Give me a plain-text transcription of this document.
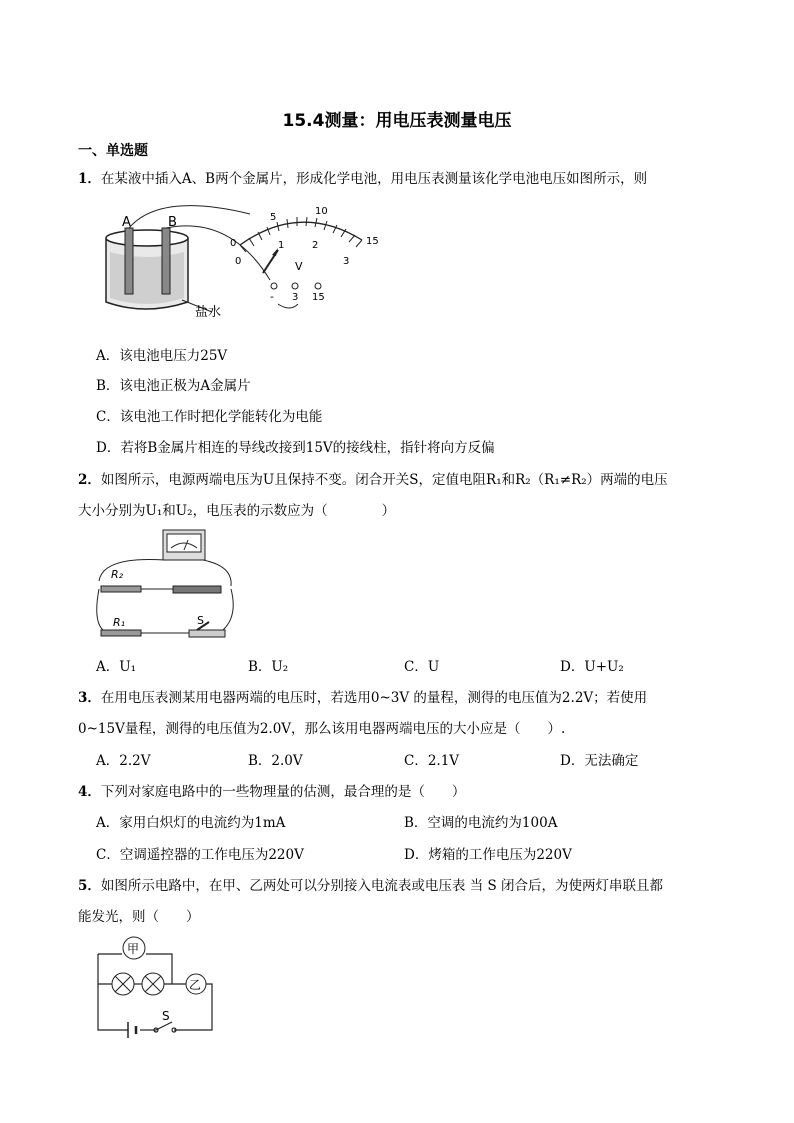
15.4测量：用电压表测量电压
一、单选题
1．在某液中插入A、B两个金属片，形成化学电池，用电压表测量该化学电池电压如图所示，则
A	B
盐水
0
5
10
15
0
1	2
3
V
- 3 15
A．该电池电压力25V
B．该电池正极为A金属片
C．该电池工作时把化学能转化为电能
D．若将B金属片相连的导线改接到15V的接线柱，指针将向方反偏
2．如图所示，电源两端电压为U且保持不变。闭合开关S，定值电阻R₁和R₂（R₁≠R₂）两端的电压
大小分别为U₁和U₂，电压表的示数应为（　　　　）
R₂
R₁	S
A．U₁	B．U₂	C．U	D．U+U₂
3．在用电压表测某用电器两端的电压时，若选用0~3V 的量程，测得的电压值为2.2V；若使用
0~15V量程，测得的电压值为2.0V，那么该用电器两端电压的大小应是（　　）.
A．2.2V	B．2.0V	C．2.1V	D．无法确定
4．下列对家庭电路中的一些物理量的估测，最合理的是（　　）
A．家用白炽灯的电流约为1mA	B．空调的电流约为100A
C．空调遥控器的工作电压为220V	D．烤箱的工作电压为220V
5．如图所示电路中，在甲、乙两处可以分别接入电流表或电压表 当 S 闭合后，为使两灯串联且都
能发光，则（　　）
甲
乙
S
